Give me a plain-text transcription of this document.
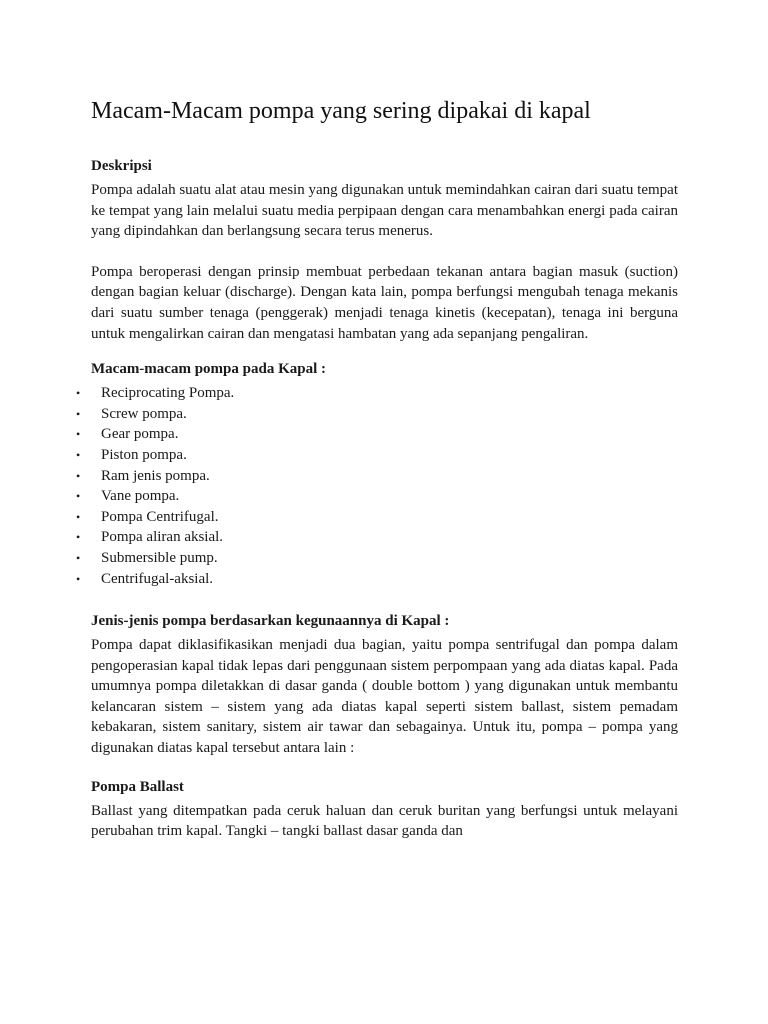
Macam-Macam pompa yang sering dipakai di kapal

Deskripsi

Pompa adalah suatu alat atau mesin yang digunakan untuk memindahkan cairan dari suatu tempat ke tempat yang lain melalui suatu media perpipaan dengan cara menambahkan energi pada cairan yang dipindahkan dan berlangsung secara terus menerus.

Pompa beroperasi dengan prinsip membuat perbedaan tekanan antara bagian masuk (suction) dengan bagian keluar (discharge). Dengan kata lain, pompa berfungsi mengubah tenaga mekanis dari suatu sumber tenaga (penggerak) menjadi tenaga kinetis (kecepatan), tenaga ini berguna untuk mengalirkan cairan dan mengatasi hambatan yang ada sepanjang pengaliran.

Macam-macam pompa pada Kapal :

• Reciprocating Pompa.
• Screw pompa.
• Gear pompa.
• Piston pompa.
• Ram jenis pompa.
• Vane pompa.
• Pompa Centrifugal.
• Pompa aliran aksial.
• Submersible pump.
• Centrifugal-aksial.

Jenis-jenis pompa berdasarkan kegunaannya di Kapal :

Pompa dapat diklasifikasikan menjadi dua bagian, yaitu pompa sentrifugal dan pompa dalam pengoperasian kapal tidak lepas dari penggunaan sistem perpompaan yang ada diatas kapal. Pada umumnya pompa diletakkan di dasar ganda ( double bottom ) yang digunakan untuk membantu kelancaran sistem – sistem yang ada diatas kapal seperti sistem ballast, sistem pemadam kebakaran, sistem sanitary, sistem air tawar dan sebagainya. Untuk itu, pompa – pompa yang digunakan diatas kapal tersebut antara lain :

Pompa Ballast

Ballast yang ditempatkan pada ceruk haluan dan ceruk buritan yang berfungsi untuk melayani perubahan trim kapal. Tangki – tangki ballast dasar ganda dan
